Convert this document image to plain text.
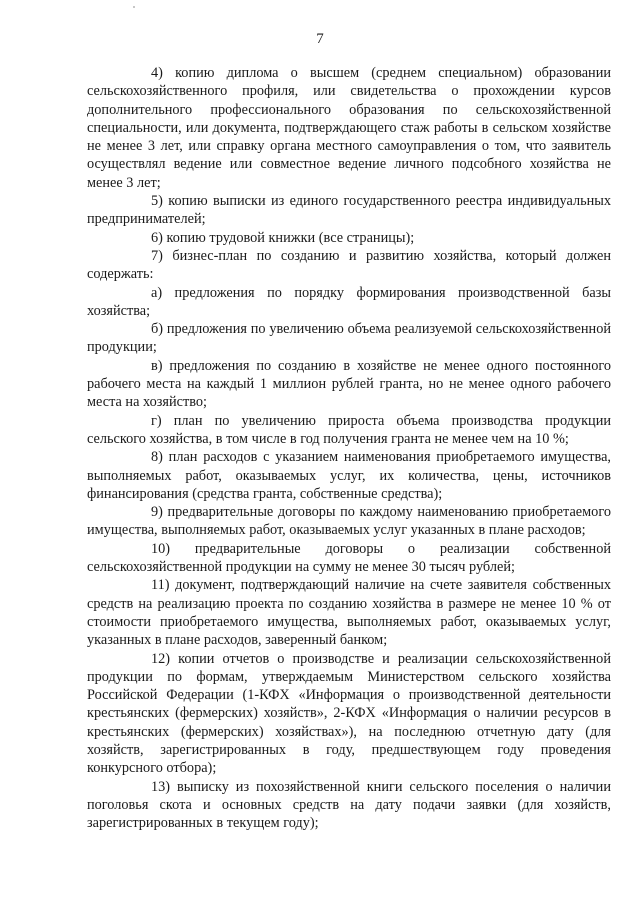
7

4) копию диплома о высшем (среднем специальном) образовании сельскохозяйственного профиля, или свидетельства о прохождении курсов дополнительного профессионального образования по сельскохозяйственной специальности, или документа, подтверждающего стаж работы в сельском хозяйстве не менее 3 лет, или справку органа местного самоуправления о том, что заявитель осуществлял ведение или совместное ведение личного подсобного хозяйства не менее 3 лет;

5) копию выписки из единого государственного реестра индивидуальных предпринимателей;

6) копию трудовой книжки (все страницы);

7) бизнес-план по созданию и развитию хозяйства, который должен содержать:

а) предложения по порядку формирования производственной базы хозяйства;

б) предложения по увеличению объема реализуемой сельскохозяйственной продукции;

в) предложения по созданию в хозяйстве не менее одного постоянного рабочего места на каждый 1 миллион рублей гранта, но не менее одного рабочего места на хозяйство;

г) план по увеличению прироста объема производства продукции сельского хозяйства, в том числе в год получения гранта не менее чем на 10 %;

8) план расходов с указанием наименования приобретаемого имущества, выполняемых работ, оказываемых услуг, их количества, цены, источников финансирования (средства гранта, собственные средства);

9) предварительные договоры по каждому наименованию приобретаемого имущества, выполняемых работ, оказываемых услуг указанных в плане расходов;

10) предварительные договоры о реализации собственной сельскохозяйственной продукции на сумму не менее 30 тысяч рублей;

11) документ, подтверждающий наличие на счете заявителя собственных средств на реализацию проекта по созданию хозяйства в размере не менее 10 % от стоимости приобретаемого имущества, выполняемых работ, оказываемых услуг, указанных в плане расходов, заверенный банком;

12) копии отчетов о производстве и реализации сельскохозяйственной продукции по формам, утверждаемым Министерством сельского хозяйства Российской Федерации (1-КФХ «Информация о производственной деятельности крестьянских (фермерских) хозяйств», 2-КФХ «Информация о наличии ресурсов в крестьянских (фермерских) хозяйствах»), на последнюю отчетную дату (для хозяйств, зарегистрированных в году, предшествующем году проведения конкурсного отбора);

13) выписку из похозяйственной книги сельского поселения о наличии поголовья скота и основных средств на дату подачи заявки (для хозяйств, зарегистрированных в текущем году);
